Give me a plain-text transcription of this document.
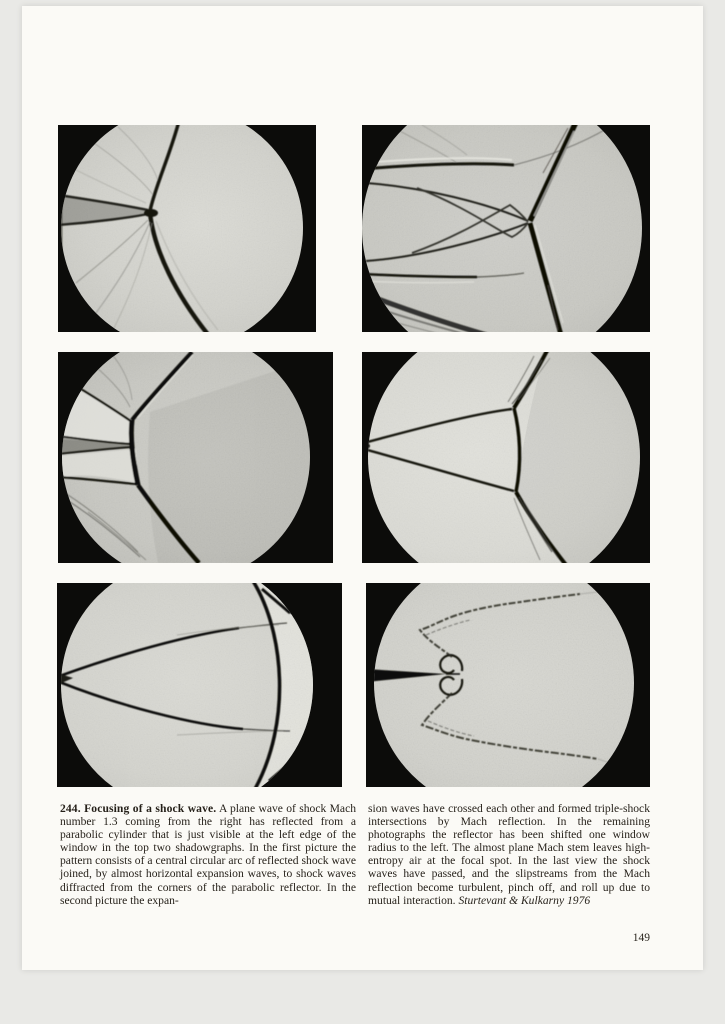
244. Focusing of a shock wave. A plane wave of shock Mach number 1.3 coming from the right has reflected from a parabolic cylinder that is just visible at the left edge of the window in the top two shadowgraphs. In the first picture the pattern consists of a central circular arc of reflected shock wave joined, by almost horizontal expansion waves, to shock waves diffracted from the corners of the parabolic reflector. In the second picture the expan-

sion waves have crossed each other and formed triple-shock intersections by Mach reflection. In the remaining photographs the reflector has been shifted one window radius to the left. The almost plane Mach stem leaves high-entropy air at the focal spot. In the last view the shock waves have passed, and the slipstreams from the Mach reflection become turbulent, pinch off, and roll up due to mutual interaction. Sturtevant & Kulkarny 1976

149
